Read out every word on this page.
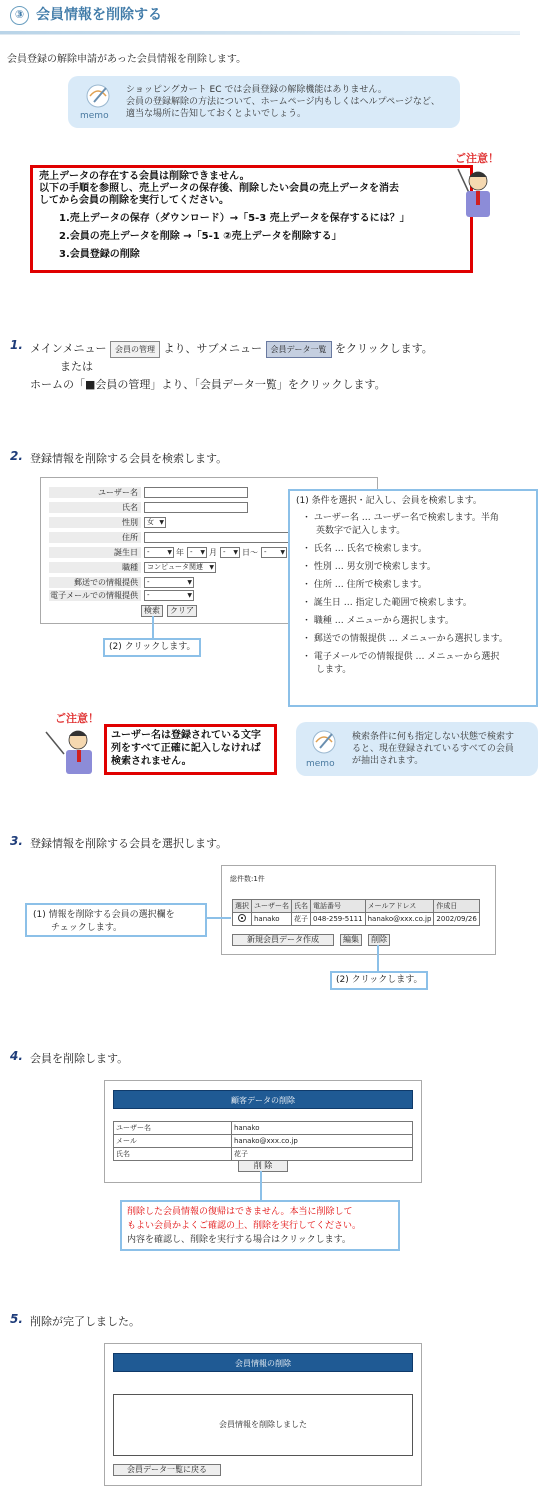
③ 会員情報を削除する
会員登録の解除申請があった会員情報を削除します。
memo
ショッピングカート EC では会員登録の解除機能はありません。
会員の登録解除の方法について、ホームページ内もしくはヘルプページなど、
適当な場所に告知しておくとよいでしょう。
売上データの存在する会員は削除できません。
以下の手順を参照し、売上データの保存後、削除したい会員の売上データを消去
してから会員の削除を実行してください。
1.売上データの保存（ダウンロード）→「5-3 売上データを保存するには？」
2.会員の売上データを削除 →「5-1 ②売上データを削除する」
3.会員登録の削除
ご注意！
1. メインメニュー 会員の管理 より、サブメニュー 会員データ一覧 をクリックします。
または
ホームの「■会員の管理」より、「会員データ一覧」をクリックします。
2. 登録情報を削除する会員を検索します。
ユーザー名
氏名
性別	女 ▼
住所
誕生日	- ▼	年 - ▼	月 - ▼	日〜 - ▼
職種	コンピュータ関連 ▼
郵送での情報提供	- ▼
電子メールでの情報提供	- ▼
検索	クリア
(2) クリックします。
(1) 条件を選択・記入し、会員を検索します。
・ ユーザー名 … ユーザー名で検索します。半角
英数字で記入します。
・ 氏名 … 氏名で検索します。
・ 性別 … 男女別で検索します。
・ 住所 … 住所で検索します。
・ 誕生日 … 指定した範囲で検索します。
・ 職種 … メニューから選択します。
・ 郵送での情報提供 … メニューから選択します。
・ 電子メールでの情報提供 … メニューから選択
します。
ご注意！
ユーザー名は登録されている文字
列をすべて正確に記入しなければ
検索されません。	memo
検索条件に何も指定しない状態で検索す
ると、現在登録されているすべての会員
が抽出されます。
3. 登録情報を削除する会員を選択します。
総件数:1件
選択	ユーザー名	氏名	電話番号	メールアドレス	作成日

	hanako	花子	048-259-5111	hanako@xxx.co.jp	2002/09/26
新規会員データ作成	編集	削除
(1) 情報を削除する会員の選択欄を
チェックします。
(2) クリックします。
4. 会員を削除します。
顧客データの削除
ユーザー名	hanako
メール	hanako@xxx.co.jp
氏名	花子
削 除
削除した会員情報の復帰はできません。本当に削除して
もよい会員かよくご確認の上、削除を実行してください。
内容を確認し、削除を実行する場合はクリックします。
5. 削除が完了しました。
会員情報の削除
会員情報を削除しました
会員データ一覧に戻る
